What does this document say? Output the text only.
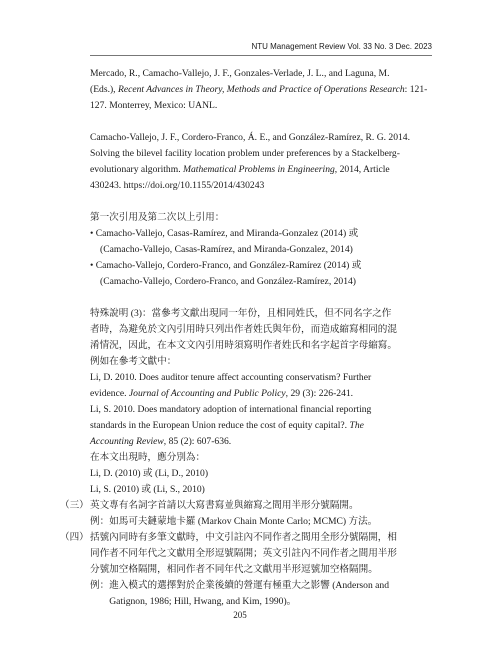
NTU Management Review Vol. 33 No. 3 Dec. 2023
Mercado, R., Camacho-Vallejo, J. F., Gonzales-Verlade, J. L., and Laguna, M.
(Eds.), Recent Advances in Theory, Methods and Practice of Operations Research: 121-127. Monterrey, Mexico: UANL.
Camacho-Vallejo, J. F., Cordero-Franco, Á. E., and González-Ramírez, R. G. 2014.
Solving the bilevel facility location problem under preferences by a Stackelberg-
evolutionary algorithm. Mathematical Problems in Engineering, 2014, Article
430243. https://doi.org/10.1155/2014/430243
第一次引用及第二次以上引用：
• Camacho-Vallejo, Casas-Ramírez, and Miranda-Gonzalez (2014) 或
(Camacho-Vallejo, Casas-Ramírez, and Miranda-Gonzalez, 2014)
• Camacho-Vallejo, Cordero-Franco, and González-Ramírez (2014) 或
(Camacho-Vallejo, Cordero-Franco, and González-Ramírez, 2014)
特殊說明 (3)：當參考文獻出現同一年份，且相同姓氏，但不同名字之作
者時，為避免於文內引用時只列出作者姓氏與年份，而造成縮寫相同的混
淆情況，因此，在本文文內引用時須寫明作者姓氏和名字起首字母縮寫。
例如在參考文獻中：
Li, D. 2010. Does auditor tenure affect accounting conservatism? Further
evidence. Journal of Accounting and Public Policy, 29 (3): 226-241.
Li, S. 2010. Does mandatory adoption of international financial reporting
standards in the European Union reduce the cost of equity capital?. The
Accounting Review, 85 (2): 607-636.
在本文出現時，應分別為：
Li, D. (2010) 或 (Li, D., 2010)
Li, S. (2010) 或 (Li, S., 2010)
（三） 英文專有名詞字首請以大寫書寫並與縮寫之間用半形分號隔開。
例：如馬可夫鏈蒙地卡羅 (Markov Chain Monte Carlo; MCMC) 方法。
（四） 括號內同時有多筆文獻時，中文引註內不同作者之間用全形分號隔開，相
同作者不同年代之文獻用全形逗號隔開；英文引註內不同作者之間用半形
分號加空格隔開，相同作者不同年代之文獻用半形逗號加空格隔開。
例： 進入模式的選擇對於企業後續的營運有極重大之影響 (Anderson and
Gatignon, 1986; Hill, Hwang, and Kim, 1990)。
205
